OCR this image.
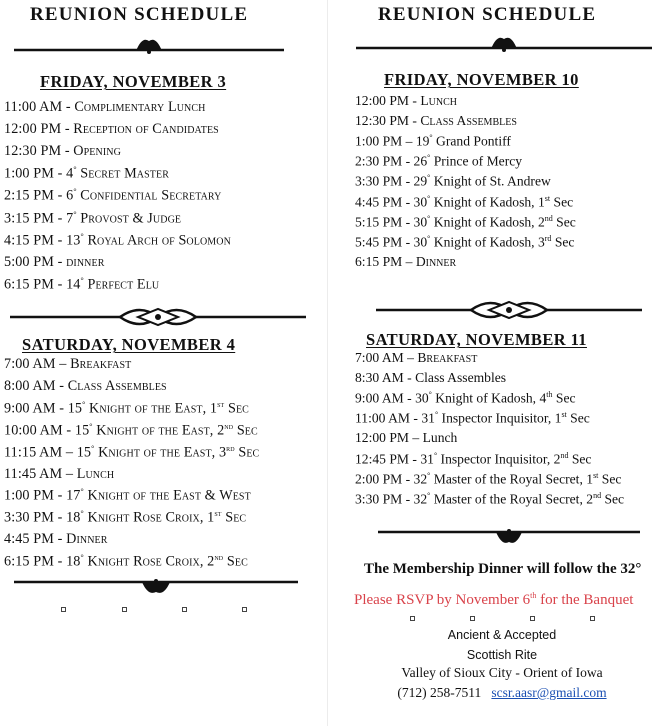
REUNION SCHEDULE
FRIDAY, NOVEMBER 3
11:00 AM - Complimentary Lunch
12:00 PM - Reception of Candidates
12:30 PM - Opening
1:00 PM - 4° Secret Master
2:15 PM - 6° Confidential Secretary
3:15 PM - 7° Provost & Judge
4:15 PM - 13° Royal Arch of Solomon
5:00 PM - dinner
6:15 PM - 14° Perfect Elu
SATURDAY, NOVEMBER 4
7:00 AM – Breakfast
8:00 AM - Class Assembles
9:00 AM - 15° Knight of the East, 1st Sec
10:00 AM - 15° Knight of the East, 2nd Sec
11:15 AM – 15° Knight of the East, 3rd Sec
11:45 AM – Lunch
1:00 PM - 17° Knight of the East & West
3:30 PM - 18° Knight Rose Croix, 1st Sec
4:45 PM - Dinner
6:15 PM - 18° Knight Rose Croix, 2nd Sec
REUNION SCHEDULE
FRIDAY, NOVEMBER 10
12:00 PM - Lunch
12:30 PM - Class Assembles
1:00 PM – 19° Grand Pontiff
2:30 PM - 26° Prince of Mercy
3:30 PM - 29° Knight of St. Andrew
4:45 PM - 30° Knight of Kadosh, 1st Sec
5:15 PM - 30° Knight of Kadosh, 2nd Sec
5:45 PM - 30° Knight of Kadosh, 3rd Sec
6:15 PM – Dinner
SATURDAY, NOVEMBER 11
7:00 AM – Breakfast
8:30 AM - Class Assembles
9:00 AM - 30° Knight of Kadosh, 4th Sec
11:00 AM - 31° Inspector Inquisitor, 1st Sec
12:00 PM – Lunch
12:45 PM - 31° Inspector Inquisitor, 2nd Sec
2:00 PM - 32° Master of the Royal Secret, 1st Sec
3:30 PM - 32° Master of the Royal Secret, 2nd Sec
The Membership Dinner will follow the 32°
Please RSVP by November 6th for the Banquet
Ancient & Accepted
Scottish Rite
Valley of Sioux City - Orient of Iowa
(712) 258-7511 scsr.aasr@gmail.com
